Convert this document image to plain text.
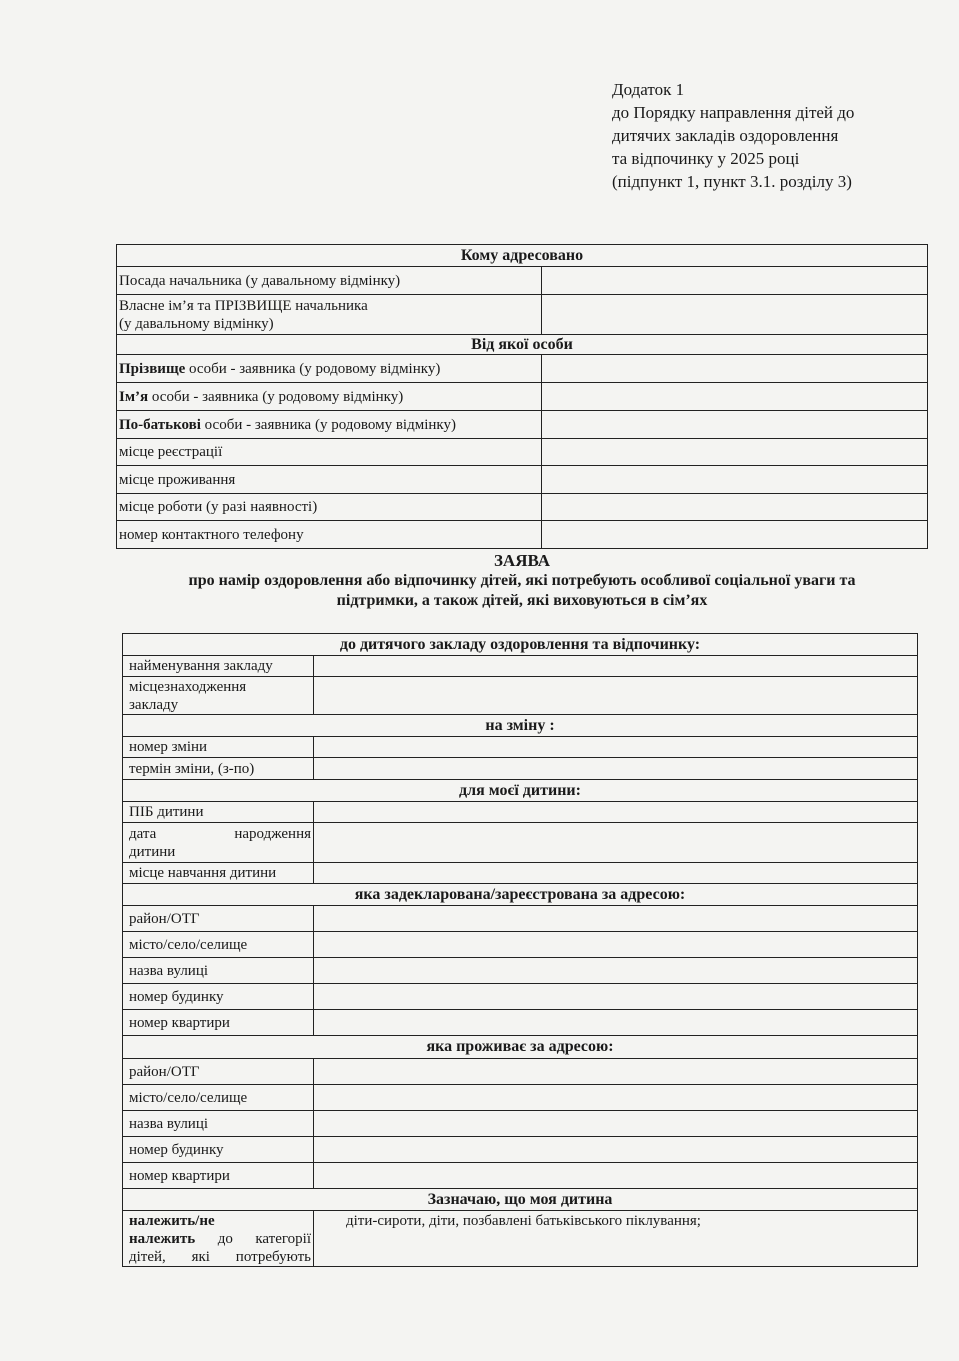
Додаток 1
до Порядку направлення дітей до
дитячих закладів оздоровлення
та відпочинку у 2025 році
(підпункт 1, пункт 3.1. розділу 3)
Кому адресовано	
Посада начальника (у давальному відмінку)	

Власне ім’я та ПРІЗВИЩЕ начальника
(у давальному відмінку)	

Від якої особи	
Прізвище особи - заявника (у родовому відмінку)	
Ім’я особи - заявника (у родовому відмінку)	
По-батькові особи - заявника (у родовому відмінку)	
місце реєстрації	
місце проживання	
місце роботи (у разі наявності)	
номер контактного телефону	
ЗАЯВА
про намір оздоровлення або відпочинку дітей, які потребують особливої соціальної уваги та
підтримки, а також дітей, які виховуються в сім’ях
до дитячого закладу оздоровлення та відпочинку:	
найменування закладу	

місцезнаходження
закладу	

на зміну :	
номер зміни	
термін зміни, (з-по)	
для моєї дитини:	
ПІБ дитини	

дата народження
дитини	

місце навчання дитини	
яка задекларована/зареєстрована за адресою:	
район/ОТГ	
місто/село/селище	
назва вулиці	
номер будинку	
номер квартири	
яка проживає за адресою:	
район/ОТГ	
місто/село/селище	
назва вулиці	
номер будинку	
номер квартири	
Зазначаю, що моя дитина	

належить/не
належить до категорії
дітей, які потребують	діти-сироти, діти, позбавлені батьківського піклування;
